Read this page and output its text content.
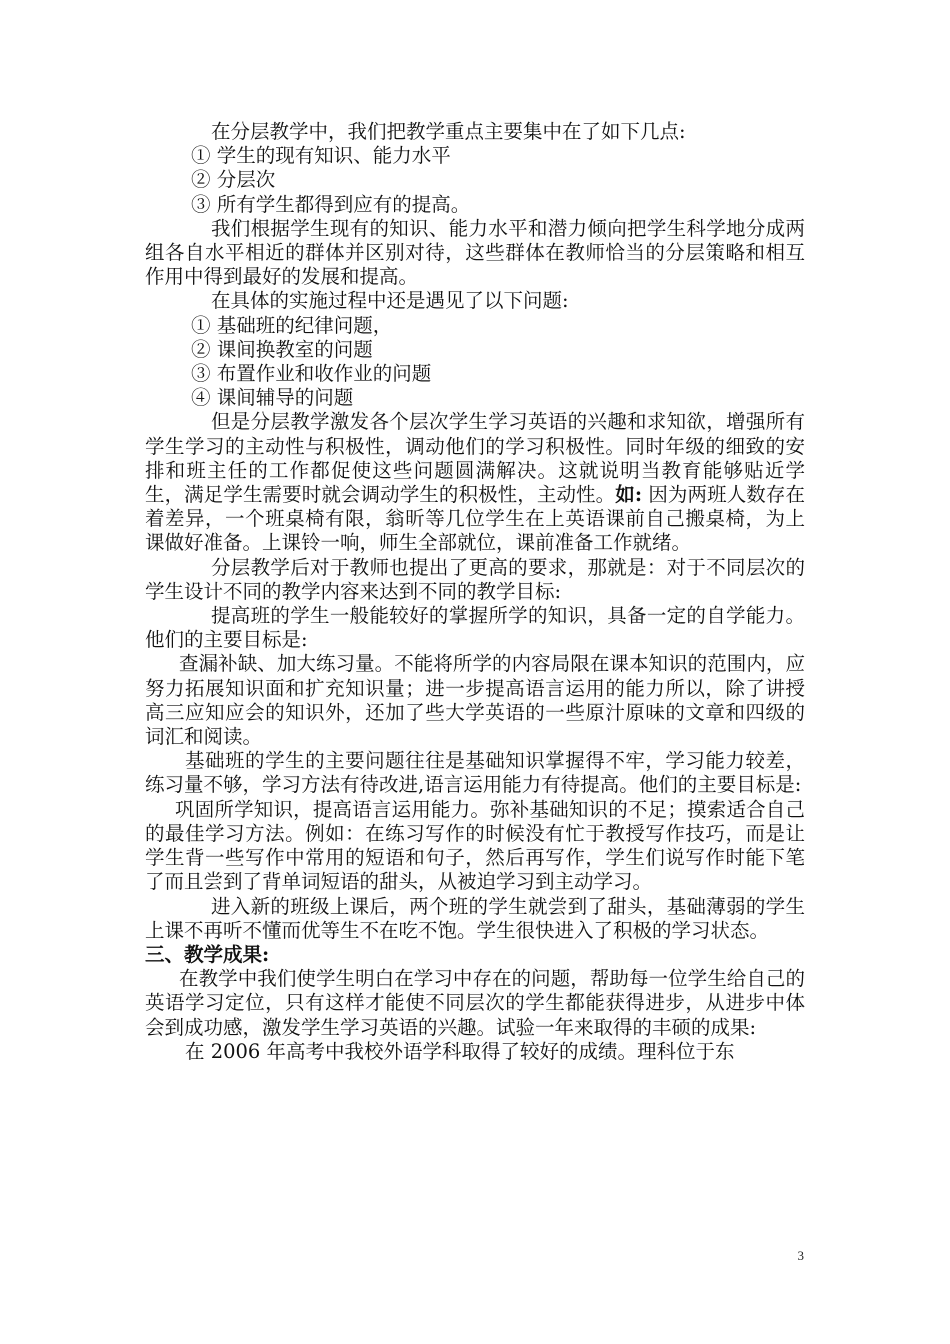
在分层教学中，我们把教学重点主要集中在了如下几点:

① 学生的现有知识、能力水平

② 分层次

③ 所有学生都得到应有的提高。

我们根据学生现有的知识、能力水平和潜力倾向把学生科学地分成两组各自水平相近的群体并区别对待，这些群体在教师恰当的分层策略和相互作用中得到最好的发展和提高。

在具体的实施过程中还是遇见了以下问题:

① 基础班的纪律问题，

② 课间换教室的问题

③ 布置作业和收作业的问题

④ 课间辅导的问题

但是分层教学激发各个层次学生学习英语的兴趣和求知欲，增强所有学生学习的主动性与积极性，调动他们的学习积极性。同时年级的细致的安排和班主任的工作都促使这些问题圆满解决。这就说明当教育能够贴近学生，满足学生需要时就会调动学生的积极性，主动性。如: 因为两班人数存在着差异，一个班桌椅有限，翁昕等几位学生在上英语课前自己搬桌椅，为上课做好准备。上课铃一响，师生全部就位，课前准备工作就绪。

分层教学后对于教师也提出了更高的要求，那就是：对于不同层次的学生设计不同的教学内容来达到不同的教学目标:

提高班的学生一般能较好的掌握所学的知识，具备一定的自学能力。他们的主要目标是:

查漏补缺、加大练习量。不能将所学的内容局限在课本知识的范围内，应努力拓展知识面和扩充知识量；进一步提高语言运用的能力所以，除了讲授高三应知应会的知识外，还加了些大学英语的一些原汁原味的文章和四级的词汇和阅读。

基础班的学生的主要问题往往是基础知识掌握得不牢，学习能力较差，练习量不够，学习方法有待改进,语言运用能力有待提高。他们的主要目标是:

巩固所学知识，提高语言运用能力。弥补基础知识的不足；摸索适合自己的最佳学习方法。例如：在练习写作的时候没有忙于教授写作技巧，而是让学生背一些写作中常用的短语和句子，然后再写作，学生们说写作时能下笔了而且尝到了背单词短语的甜头，从被迫学习到主动学习。

进入新的班级上课后，两个班的学生就尝到了甜头，基础薄弱的学生上课不再听不懂而优等生不在吃不饱。学生很快进入了积极的学习状态。

三、教学成果:

在教学中我们使学生明白在学习中存在的问题，帮助每一位学生给自己的英语学习定位，只有这样才能使不同层次的学生都能获得进步，从进步中体会到成功感，激发学生学习英语的兴趣。试验一年来取得的丰硕的成果:

在 2006 年高考中我校外语学科取得了较好的成绩。理科位于东

3
